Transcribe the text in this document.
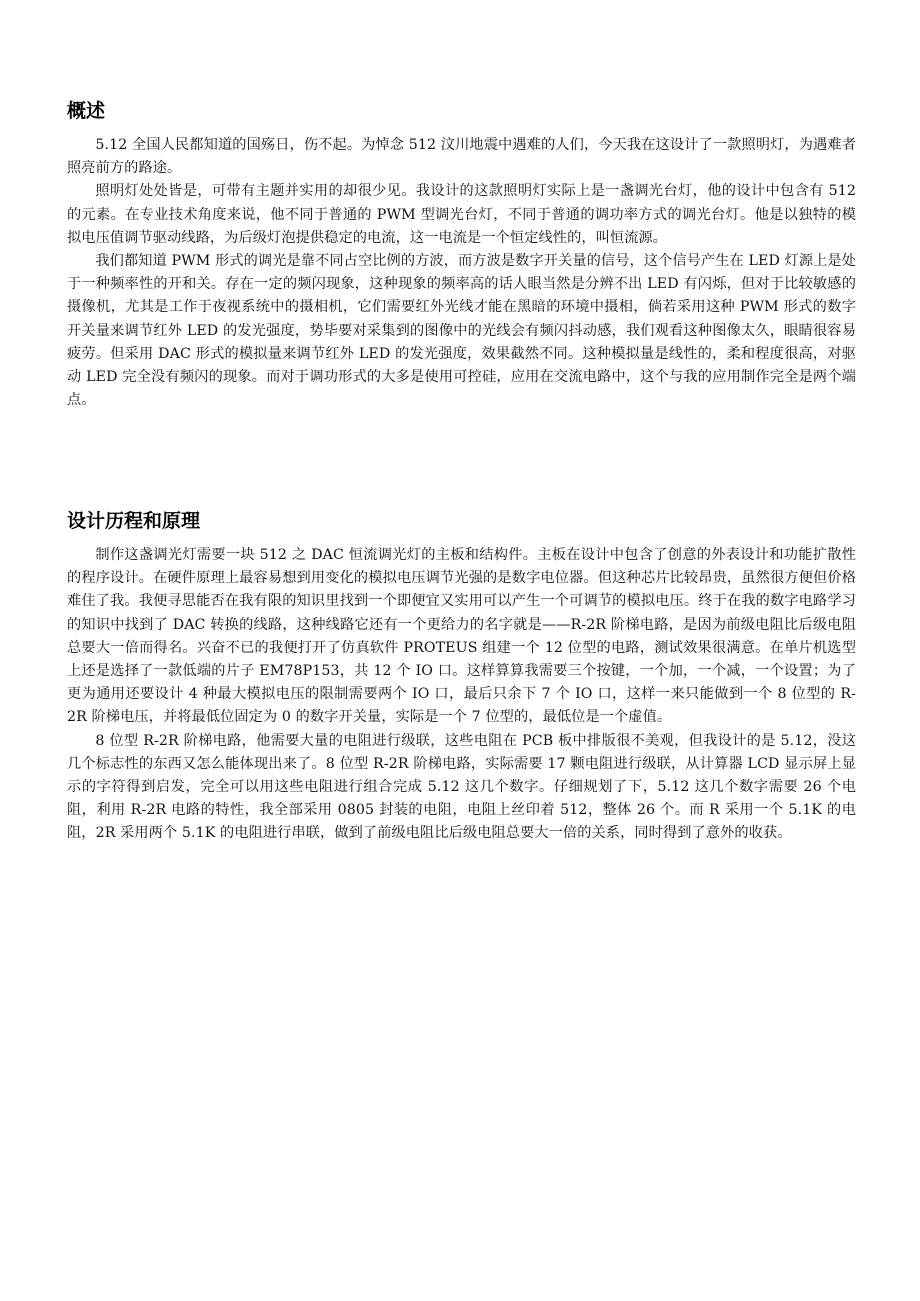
概述

5.12 全国人民都知道的国殇日，伤不起。为悼念 512 汶川地震中遇难的人们，今天我在这设计了一款照明灯，为遇难者照亮前方的路途。

照明灯处处皆是，可带有主题并实用的却很少见。我设计的这款照明灯实际上是一盏调光台灯，他的设计中包含有 512 的元素。在专业技术角度来说，他不同于普通的 PWM 型调光台灯，不同于普通的调功率方式的调光台灯。他是以独特的模拟电压值调节驱动线路，为后级灯泡提供稳定的电流，这一电流是一个恒定线性的，叫恒流源。

我们都知道 PWM 形式的调光是靠不同占空比例的方波，而方波是数字开关量的信号，这个信号产生在 LED 灯源上是处于一种频率性的开和关。存在一定的频闪现象，这种现象的频率高的话人眼当然是分辨不出 LED 有闪烁，但对于比较敏感的摄像机，尤其是工作于夜视系统中的摄相机，它们需要红外光线才能在黑暗的环境中摄相，倘若采用这种 PWM 形式的数字开关量来调节红外 LED 的发光强度，势毕要对采集到的图像中的光线会有频闪抖动感，我们观看这种图像太久，眼睛很容易疲劳。但采用 DAC 形式的模拟量来调节红外 LED 的发光强度，效果截然不同。这种模拟量是线性的，柔和程度很高，对驱动 LED 完全没有频闪的现象。而对于调功形式的大多是使用可控硅，应用在交流电路中，这个与我的应用制作完全是两个端点。

设计历程和原理

制作这盏调光灯需要一块 512 之 DAC 恒流调光灯的主板和结构件。主板在设计中包含了创意的外表设计和功能扩散性的程序设计。在硬件原理上最容易想到用变化的模拟电压调节光强的是数字电位器。但这种芯片比较昂贵，虽然很方便但价格难住了我。我便寻思能否在我有限的知识里找到一个即便宜又实用可以产生一个可调节的模拟电压。终于在我的数字电路学习的知识中找到了 DAC 转换的线路，这种线路它还有一个更给力的名字就是——R-2R 阶梯电路，是因为前级电阻比后级电阻总要大一倍而得名。兴奋不已的我便打开了仿真软件 PROTEUS 组建一个 12 位型的电路，测试效果很满意。在单片机选型上还是选择了一款低端的片子 EM78P153，共 12 个 IO 口。这样算算我需要三个按键，一个加，一个减，一个设置；为了更为通用还要设计 4 种最大模拟电压的限制需要两个 IO 口，最后只余下 7 个 IO 口，这样一来只能做到一个 8 位型的 R-2R 阶梯电压，并将最低位固定为 0 的数字开关量，实际是一个 7 位型的，最低位是一个虚值。

8 位型 R-2R 阶梯电路，他需要大量的电阻进行级联，这些电阻在 PCB 板中排版很不美观，但我设计的是 5.12，没这几个标志性的东西又怎么能体现出来了。8 位型 R-2R 阶梯电路，实际需要 17 颗电阻进行级联，从计算器 LCD 显示屏上显示的字符得到启发，完全可以用这些电阻进行组合完成 5.12 这几个数字。仔细规划了下，5.12 这几个数字需要 26 个电阻，利用 R-2R 电路的特性，我全部采用 0805 封装的电阻，电阻上丝印着 512，整体 26 个。而 R 采用一个 5.1K 的电阻，2R 采用两个 5.1K 的电阻进行串联，做到了前级电阻比后级电阻总要大一倍的关系，同时得到了意外的收获。
